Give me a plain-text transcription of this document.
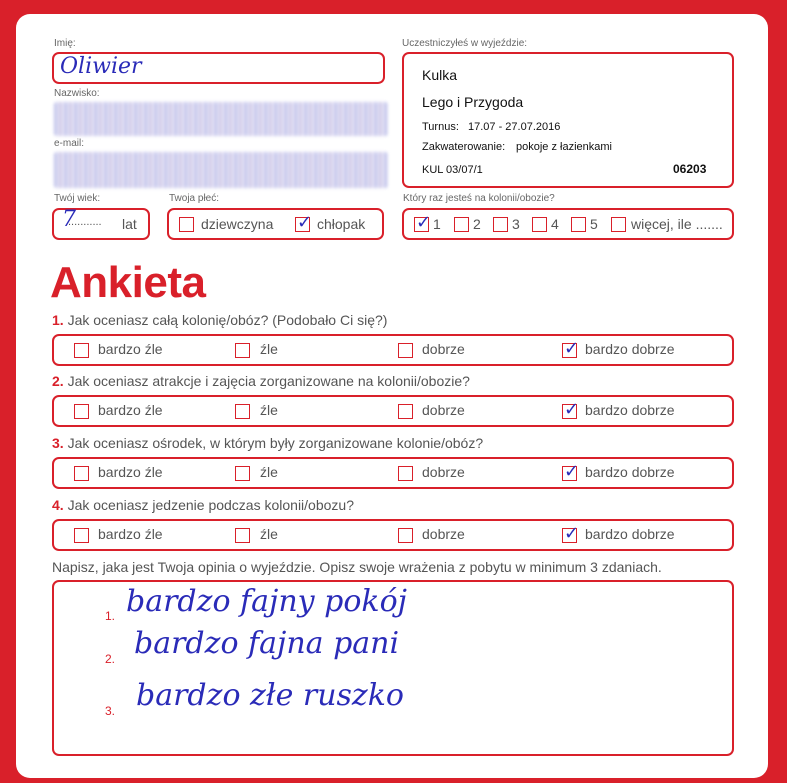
Imię:
Oliwier
Nazwisko:
e-mail:
Uczestniczyłeś w wyjeździe:
Kulka
Lego i Przygoda
Turnus: 17.07 - 27.07.2016
Zakwaterowanie: pokoje z łazienkami
KUL 03/07/1	06203
Twój wiek:
7
........... lat
Twoja płeć:
dziewczyna ✓ chłopak
Który raz jesteś na kolonii/obozie?
✓ 1 2 3 4 5 więcej, ile .......
Ankieta
1. Jak oceniasz całą kolonię/obóz? (Podobało Ci się?)
bardzo źle	źle	dobrze	✓ bardzo dobrze
2. Jak oceniasz atrakcje i zajęcia zorganizowane na kolonii/obozie?
bardzo źle	źle	dobrze	✓ bardzo dobrze
3. Jak oceniasz ośrodek, w którym były zorganizowane kolonie/obóz?
bardzo źle	źle	dobrze	✓ bardzo dobrze
4. Jak oceniasz jedzenie podczas kolonii/obozu?
bardzo źle	źle	dobrze	✓ bardzo dobrze
Napisz, jaka jest Twoja opinia o wyjeździe. Opisz swoje wrażenia z pobytu w minimum 3 zdaniach.
1. bardzo fajny pokój
2. bardzo fajna pani
3. bardzo złe ruszko
